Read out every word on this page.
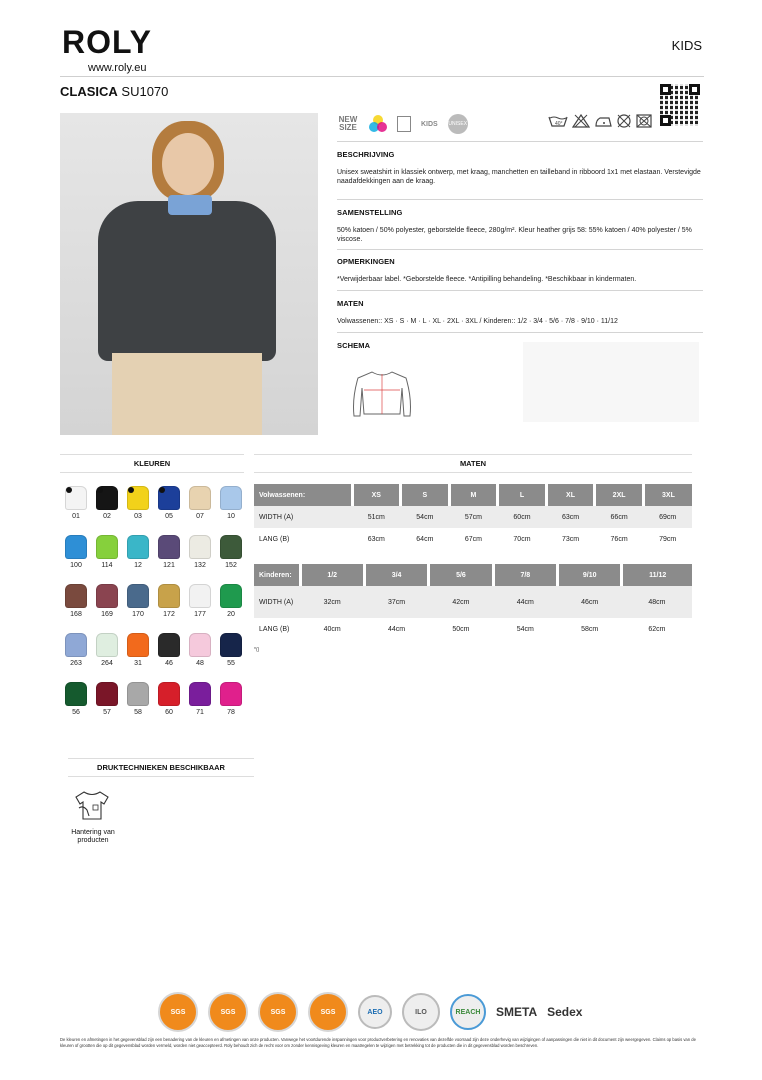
ROLY
www.roly.eu
KIDS
CLASICA SU1070
NEW SIZE	KIDS UNISEX	40°
BESCHRIJVING

Unisex sweatshirt in klassiek ontwerp, met kraag, manchetten en tailleband in ribboord 1x1 met elastaan. Verstevigde naadafdekkingen aan de kraag.

SAMENSTELLING

50% katoen / 50% polyester, geborstelde fleece, 280g/m². Kleur heather grijs 58: 55% katoen / 40% polyester / 5% viscose.

OPMERKINGEN

*Verwijderbaar label. *Geborstelde fleece. *Antipilling behandeling. *Beschikbaar in kindermaten.

MATEN

Volwassenen:: XS · S · M · L · XL · 2XL · 3XL / Kinderen:: 1/2 · 3/4 · 5/6 · 7/8 · 9/10 · 11/12

SCHEMA
KLEUREN
01	02	03	05	07	10
100	114	12	121	132	152
168	169	170	172	177	20
263	264	31	46	48	55
56	57	58	60	71	78
MATEN
Volwassenen:	XS	S	M	L	XL	2XL	3XL
WIDTH (A)	51cm	54cm	57cm	60cm	63cm	66cm	69cm
LANG (B)	63cm	64cm	67cm	70cm	73cm	76cm	79cm
Kinderen:	1/2	3/4	5/6	7/8	9/10	11/12
WIDTH (A)	32cm	37cm	42cm	44cm	46cm	48cm
LANG (B)	40cm	44cm	50cm	54cm	58cm	62cm
*()
DRUKTECHNIEKEN BESCHIKBAAR
Hantering van producten
SGS	SGS	SGS	SGS	AEO	ILO	REACH	SMETA Sedex
De kleuren en afmetingen in het gegevensblad zijn een benadering van de kleuren en afmetingen van onze producten. Vanwege het voortdurende inspanningen voor productverbetering en renovaties van dezelfde voorraad zijn deze onderhevig van wijzigingen of aanpassingen die niet in dit document zijn weergegeven. Claims op basis van de kleuren of grootten die op dit gegevensblad worden vermeld, worden niet geaccepteerd. Roly behoudt zich de recht voor om zonder kennisgeving kleuren en maatregelen te wijzigen met betrekking tot de producten die in dit gegevensblad worden beschreven.
